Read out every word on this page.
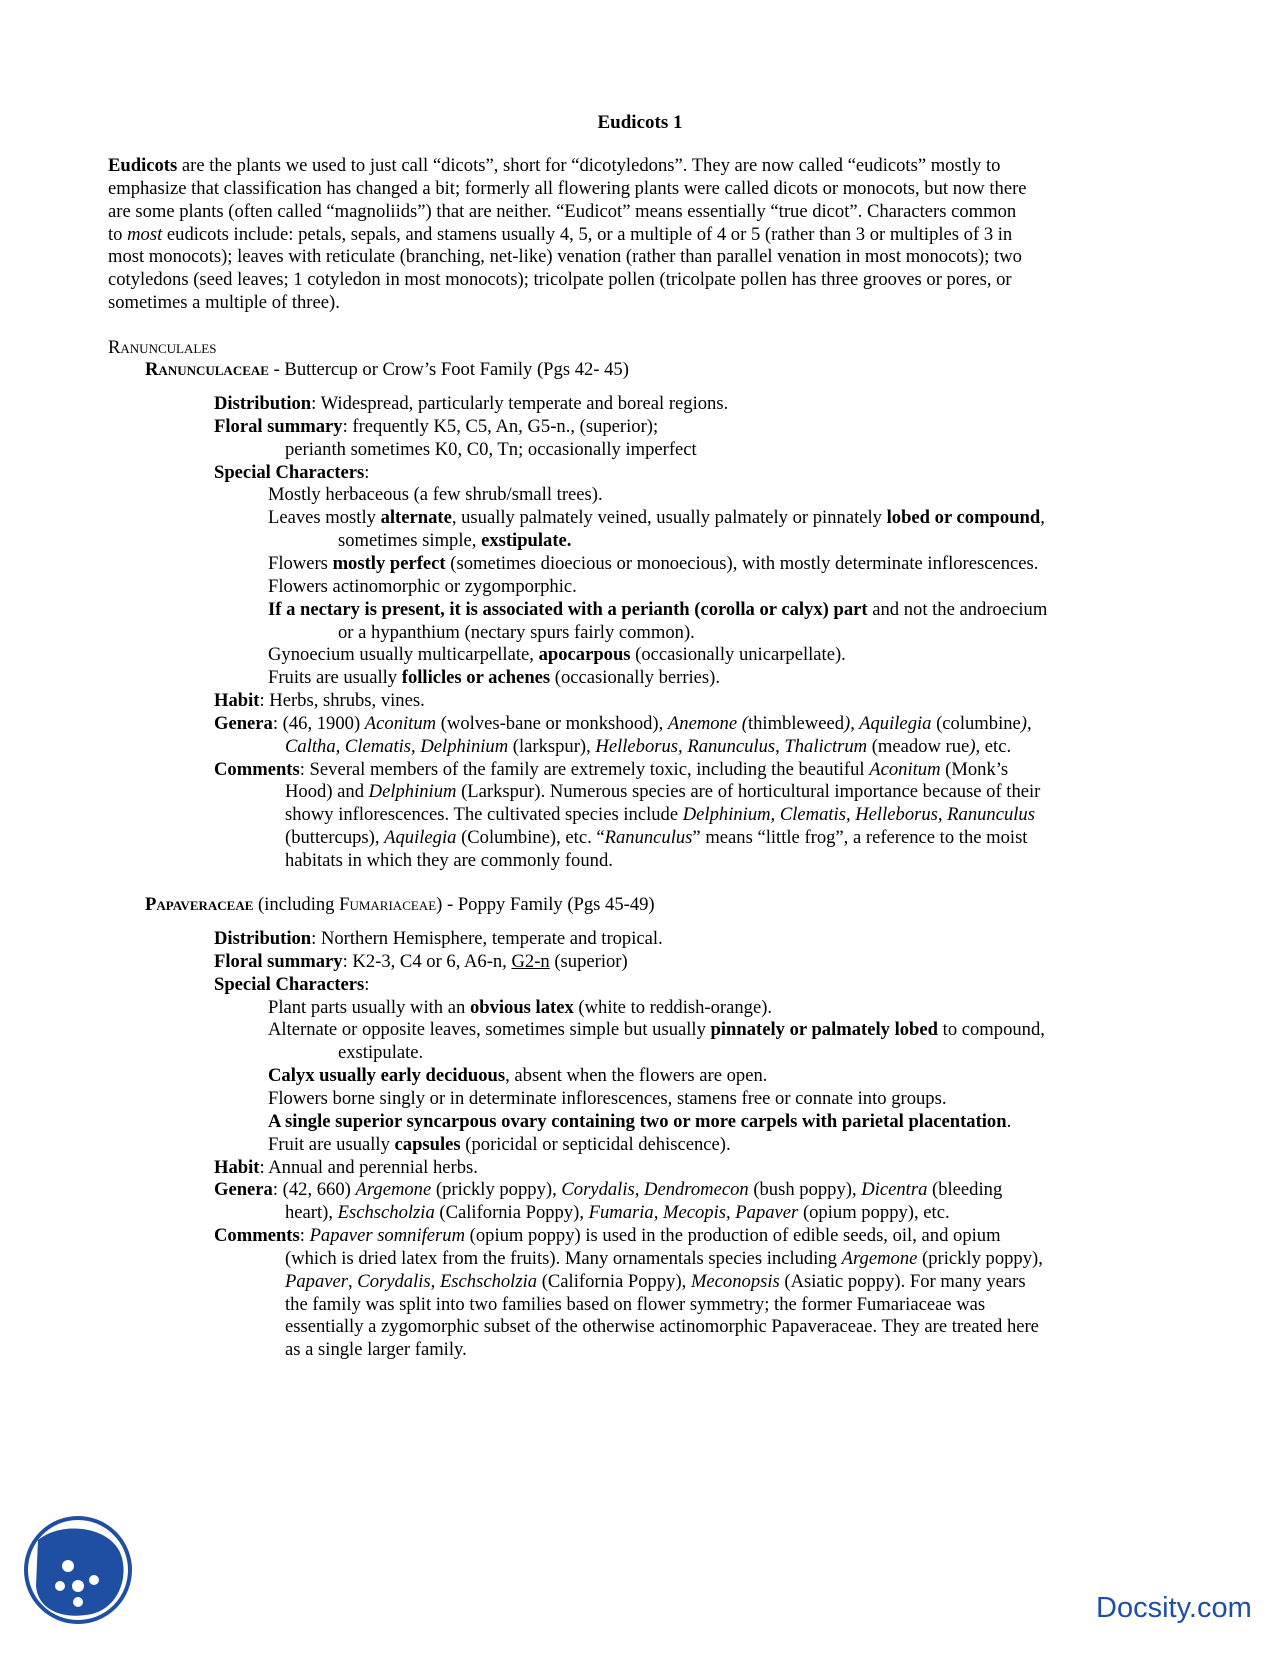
Eudicots 1
Eudicots are the plants we used to just call “dicots”, short for “dicotyledons”. They are now called “eudicots” mostly to
emphasize that classification has changed a bit; formerly all flowering plants were called dicots or monocots, but now there
are some plants (often called “magnoliids”) that are neither. “Eudicot” means essentially “true dicot”. Characters common
to most eudicots include: petals, sepals, and stamens usually 4, 5, or a multiple of 4 or 5 (rather than 3 or multiples of 3 in
most monocots); leaves with reticulate (branching, net-like) venation (rather than parallel venation in most monocots); two
cotyledons (seed leaves; 1 cotyledon in most monocots); tricolpate pollen (tricolpate pollen has three grooves or pores, or
sometimes a multiple of three).
Ranunculales
Ranunculaceae - Buttercup or Crow’s Foot Family (Pgs 42- 45)
Distribution: Widespread, particularly temperate and boreal regions.
Floral summary: frequently K5, C5, An, G5-n., (superior);
perianth sometimes K0, C0, Tn; occasionally imperfect
Special Characters:
Mostly herbaceous (a few shrub/small trees).
Leaves mostly alternate, usually palmately veined, usually palmately or pinnately lobed or compound,
sometimes simple, exstipulate.
Flowers mostly perfect (sometimes dioecious or monoecious), with mostly determinate inflorescences.
Flowers actinomorphic or zygomporphic.
If a nectary is present, it is associated with a perianth (corolla or calyx) part and not the androecium
or a hypanthium (nectary spurs fairly common).
Gynoecium usually multicarpellate, apocarpous (occasionally unicarpellate).
Fruits are usually follicles or achenes (occasionally berries).
Habit: Herbs, shrubs, vines.
Genera: (46, 1900) Aconitum (wolves-bane or monkshood), Anemone (thimbleweed), Aquilegia (columbine),
Caltha, Clematis, Delphinium (larkspur), Helleborus, Ranunculus, Thalictrum (meadow rue), etc.
Comments: Several members of the family are extremely toxic, including the beautiful Aconitum (Monk’s
Hood) and Delphinium (Larkspur). Numerous species are of horticultural importance because of their
showy inflorescences. The cultivated species include Delphinium, Clematis, Helleborus, Ranunculus
(buttercups), Aquilegia (Columbine), etc. “Ranunculus” means “little frog”, a reference to the moist
habitats in which they are commonly found.
Papaveraceae (including Fumariaceae) - Poppy Family (Pgs 45-49)
Distribution: Northern Hemisphere, temperate and tropical.
Floral summary: K2-3, C4 or 6, A6-n, G2-n (superior)
Special Characters:
Plant parts usually with an obvious latex (white to reddish-orange).
Alternate or opposite leaves, sometimes simple but usually pinnately or palmately lobed to compound,
exstipulate.
Calyx usually early deciduous, absent when the flowers are open.
Flowers borne singly or in determinate inflorescences, stamens free or connate into groups.
A single superior syncarpous ovary containing two or more carpels with parietal placentation.
Fruit are usually capsules (poricidal or septicidal dehiscence).
Habit: Annual and perennial herbs.
Genera: (42, 660) Argemone (prickly poppy), Corydalis, Dendromecon (bush poppy), Dicentra (bleeding
heart), Eschscholzia (California Poppy), Fumaria, Mecopis, Papaver (opium poppy), etc.
Comments: Papaver somniferum (opium poppy) is used in the production of edible seeds, oil, and opium
(which is dried latex from the fruits). Many ornamentals species including Argemone (prickly poppy),
Papaver, Corydalis, Eschscholzia (California Poppy), Meconopsis (Asiatic poppy). For many years
the family was split into two families based on flower symmetry; the former Fumariaceae was
essentially a zygomorphic subset of the otherwise actinomorphic Papaveraceae. They are treated here
as a single larger family.
Docsity.com
